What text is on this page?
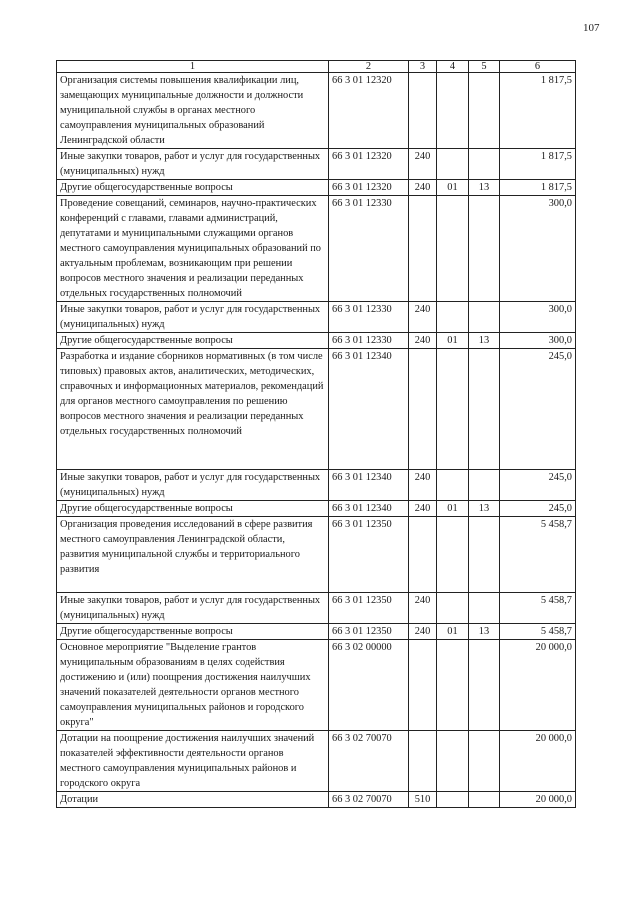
107
1	2	3	4	5	6
Организация системы повышения квалификации лиц, замещающих муниципальные должности и должности муниципальной службы в органах местного самоуправления муниципальных образований Ленинградской области	66 3 01 12320				1 817,5
Иные закупки товаров, работ и услуг для государственных (муниципальных) нужд	66 3 01 12320	240			1 817,5
Другие общегосударственные вопросы	66 3 01 12320	240	01	13	1 817,5
Проведение совещаний, семинаров, научно-практических конференций с главами, главами администраций, депутатами и муниципальными служащими органов местного самоуправления муниципальных образований по актуальным проблемам, возникающим при решении вопросов местного значения и реализации переданных отдельных государственных полномочий	66 3 01 12330				300,0
Иные закупки товаров, работ и услуг для государственных (муниципальных) нужд	66 3 01 12330	240			300,0
Другие общегосударственные вопросы	66 3 01 12330	240	01	13	300,0
Разработка и издание сборников нормативных (в том числе типовых) правовых актов, аналитических, методических, справочных и информационных материалов, рекомендаций для органов местного самоуправления по решению вопросов местного значения и реализации переданных отдельных государственных полномочий	66 3 01 12340				245,0
Иные закупки товаров, работ и услуг для государственных (муниципальных) нужд	66 3 01 12340	240			245,0
Другие общегосударственные вопросы	66 3 01 12340	240	01	13	245,0
Организация проведения исследований в сфере развития местного самоуправления Ленинградской области, развития муниципальной службы и территориального развития	66 3 01 12350				5 458,7
Иные закупки товаров, работ и услуг для государственных (муниципальных) нужд	66 3 01 12350	240			5 458,7
Другие общегосударственные вопросы	66 3 01 12350	240	01	13	5 458,7
Основное мероприятие "Выделение грантов муниципальным образованиям в целях содействия достижению и (или) поощрения достижения наилучших значений показателей деятельности органов местного самоуправления муниципальных районов и городского округа"	66 3 02 00000				20 000,0
Дотации на поощрение достижения наилучших значений показателей эффективности деятельности органов местного самоуправления муниципальных районов и городского округа	66 3 02 70070				20 000,0
Дотации	66 3 02 70070	510			20 000,0
